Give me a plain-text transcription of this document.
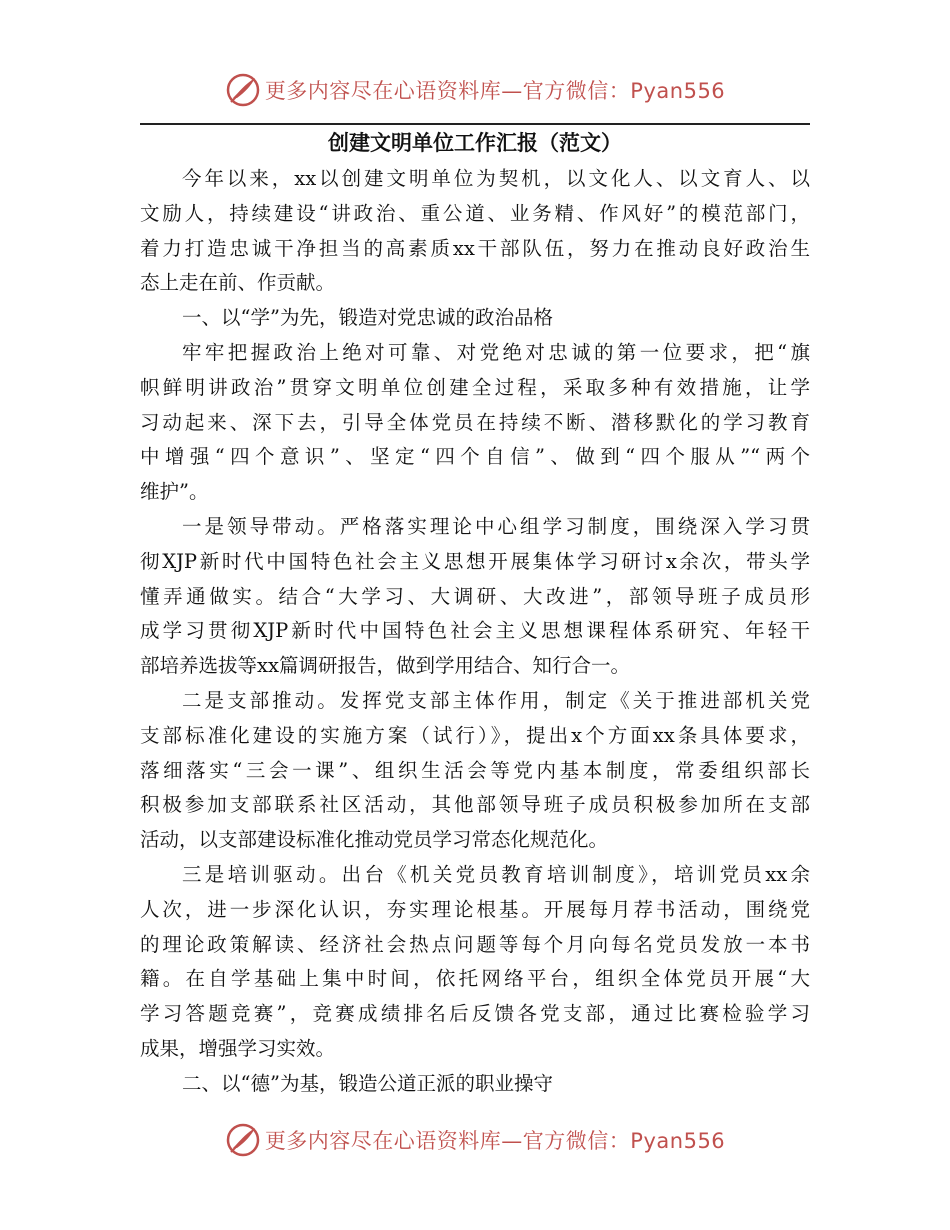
更多内容尽在心语资料库—官方微信：Pyan556
创建文明单位工作汇报（范文）
今年以来，xx以创建文明单位为契机，以文化人、以文育人、以
文励人，持续建设“讲政治、重公道、业务精、作风好”的模范部门，
着力打造忠诚干净担当的高素质xx干部队伍，努力在推动良好政治生
态上走在前、作贡献。
一、以“学”为先，锻造对党忠诚的政治品格
牢牢把握政治上绝对可靠、对党绝对忠诚的第一位要求，把“旗
帜鲜明讲政治”贯穿文明单位创建全过程，采取多种有效措施，让学
习动起来、深下去，引导全体党员在持续不断、潜移默化的学习教育
中增强“四个意识”、坚定“四个自信”、做到“四个服从”“两个
维护”。
一是领导带动。严格落实理论中心组学习制度，围绕深入学习贯
彻XJP新时代中国特色社会主义思想开展集体学习研讨x余次，带头学
懂弄通做实。结合“大学习、大调研、大改进”，部领导班子成员形
成学习贯彻XJP新时代中国特色社会主义思想课程体系研究、年轻干
部培养选拔等xx篇调研报告，做到学用结合、知行合一。
二是支部推动。发挥党支部主体作用，制定《关于推进部机关党
支部标准化建设的实施方案（试行）》，提出x个方面xx条具体要求，
落细落实“三会一课”、组织生活会等党内基本制度，常委组织部长
积极参加支部联系社区活动，其他部领导班子成员积极参加所在支部
活动，以支部建设标准化推动党员学习常态化规范化。
三是培训驱动。出台《机关党员教育培训制度》，培训党员xx余
人次，进一步深化认识，夯实理论根基。开展每月荐书活动，围绕党
的理论政策解读、经济社会热点问题等每个月向每名党员发放一本书
籍。在自学基础上集中时间，依托网络平台，组织全体党员开展“大
学习答题竞赛”，竞赛成绩排名后反馈各党支部，通过比赛检验学习
成果，增强学习实效。
二、以“德”为基，锻造公道正派的职业操守
更多内容尽在心语资料库—官方微信：Pyan556
